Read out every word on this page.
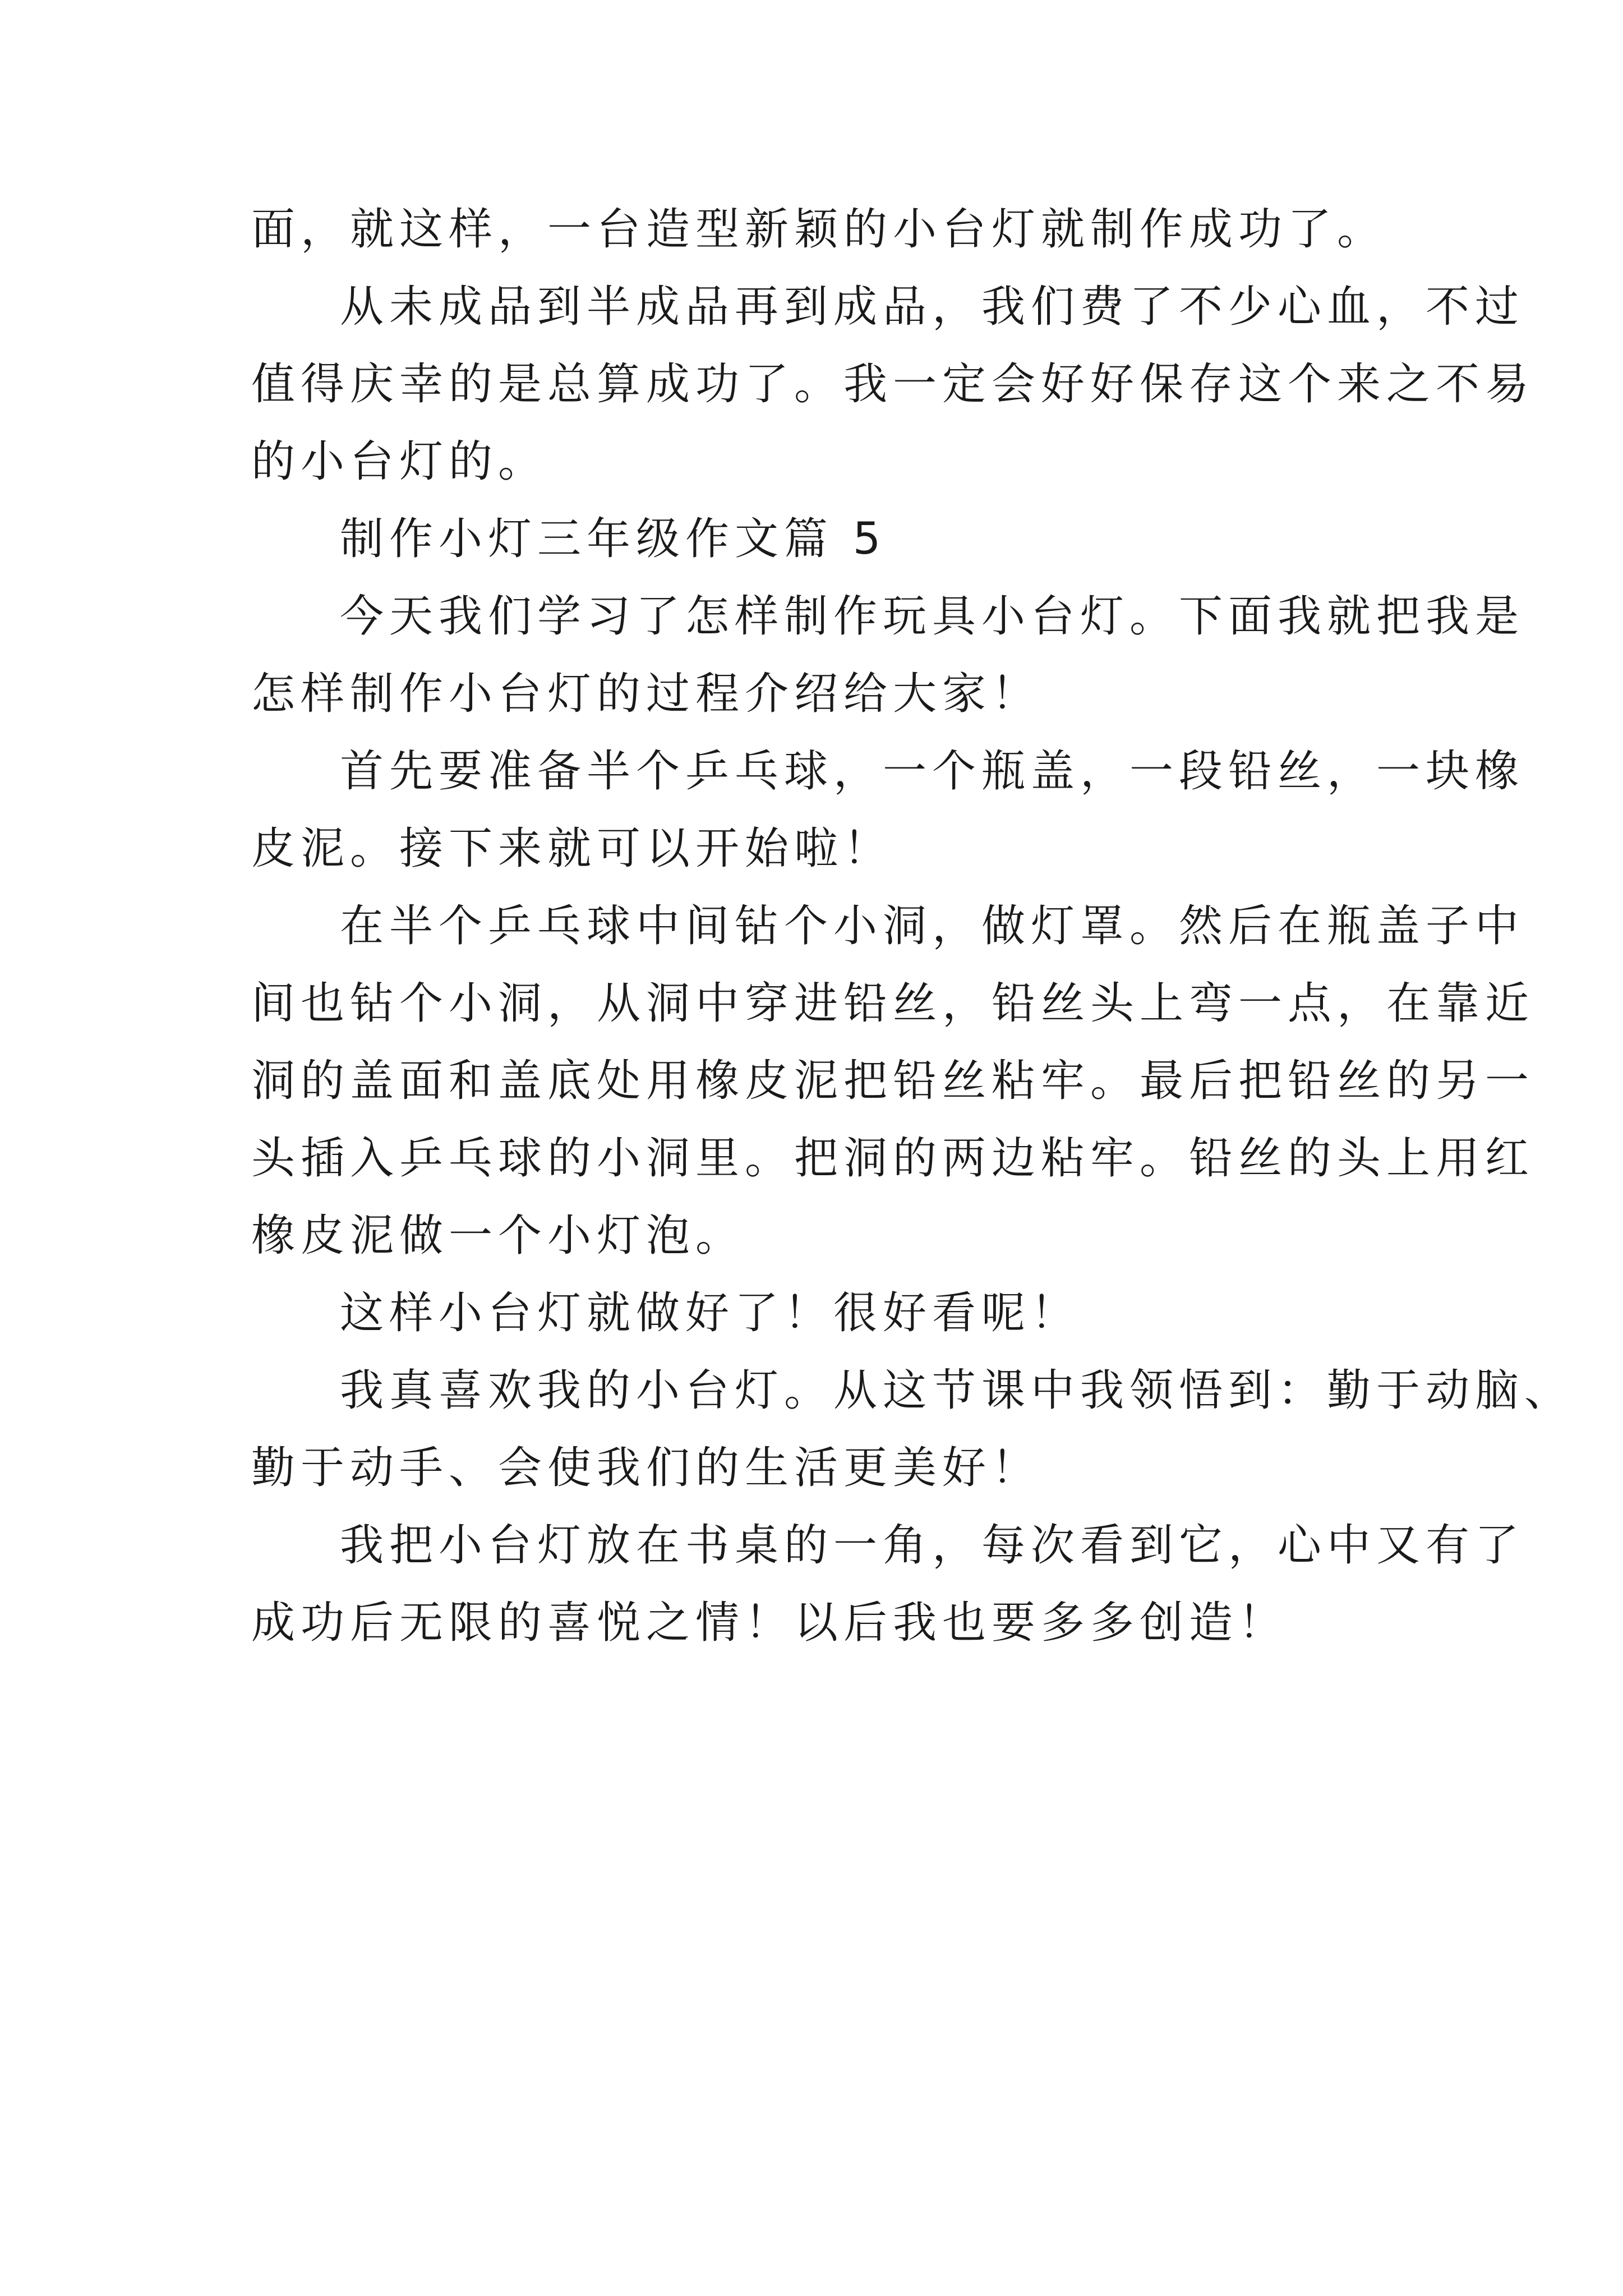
面，就这样，一台造型新颖的小台灯就制作成功了。

从未成品到半成品再到成品，我们费了不少心血，不过

值得庆幸的是总算成功了。我一定会好好保存这个来之不易

的小台灯的。

制作小灯三年级作文篇 5

今天我们学习了怎样制作玩具小台灯。下面我就把我是

怎样制作小台灯的过程介绍给大家！

首先要准备半个乒乓球，一个瓶盖，一段铅丝，一块橡

皮泥。接下来就可以开始啦！

在半个乒乓球中间钻个小洞，做灯罩。然后在瓶盖子中

间也钻个小洞，从洞中穿进铅丝，铅丝头上弯一点，在靠近

洞的盖面和盖底处用橡皮泥把铅丝粘牢。最后把铅丝的另一

头插入乒乓球的小洞里。把洞的两边粘牢。铅丝的头上用红

橡皮泥做一个小灯泡。

这样小台灯就做好了！很好看呢！

我真喜欢我的小台灯。从这节课中我领悟到：勤于动脑、

勤于动手、会使我们的生活更美好！

我把小台灯放在书桌的一角，每次看到它，心中又有了

成功后无限的喜悦之情！以后我也要多多创造！
